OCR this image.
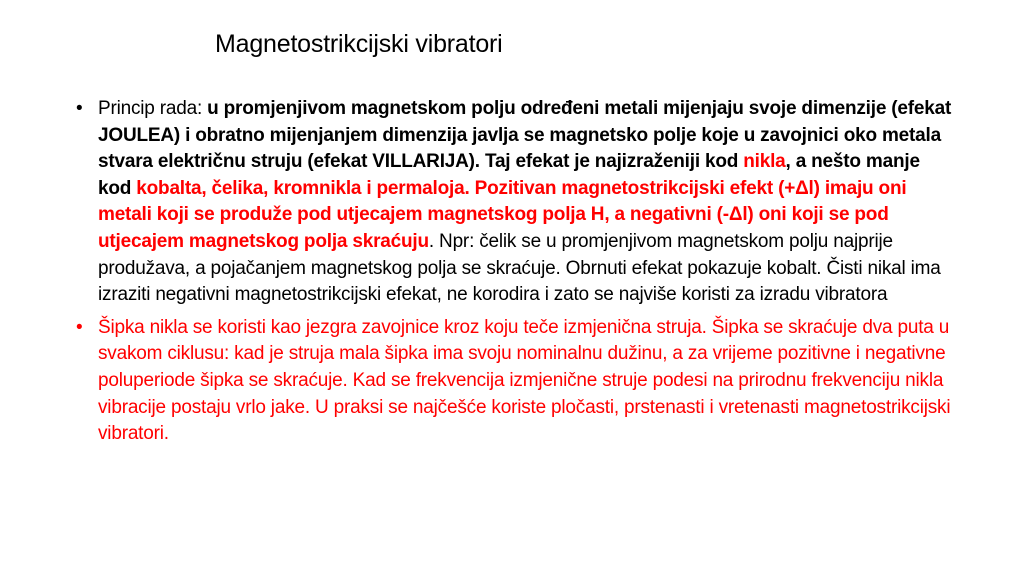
Magnetostrikcijski vibratori
• Princip rada: u promjenjivom magnetskom polju određeni metali mijenjaju svoje dimenzije (efekat JOULEA) i obratno mijenjanjem dimenzija javlja se magnetsko polje koje u zavojnici oko metala stvara električnu struju (efekat VILLARIJA). Taj efekat je najizraženiji kod nikla, a nešto manje kod kobalta, čelika, kromnikla i permaloja. Pozitivan magnetostrikcijski efekt (+Δl) imaju oni metali koji se produže pod utjecajem magnetskog polja H, a negativni (-Δl) oni koji se pod utjecajem magnetskog polja skraćuju. Npr: čelik se u promjenjivom magnetskom polju najprije produžava, a pojačanjem magnetskog polja se skraćuje. Obrnuti efekat pokazuje kobalt. Čisti nikal ima izraziti negativni magnetostrikcijski efekat, ne korodira i zato se najviše koristi za izradu vibratora
• Šipka nikla se koristi kao jezgra zavojnice kroz koju teče izmjenična struja. Šipka se skraćuje dva puta u svakom ciklusu: kad je struja mala šipka ima svoju nominalnu dužinu, a za vrijeme pozitivne i negativne poluperiode šipka se skraćuje. Kad se frekvencija izmjenične struje podesi na prirodnu frekvenciju nikla vibracije postaju vrlo jake. U praksi se najčešće koriste pločasti, prstenasti i vretenasti magnetostrikcijski vibratori.
